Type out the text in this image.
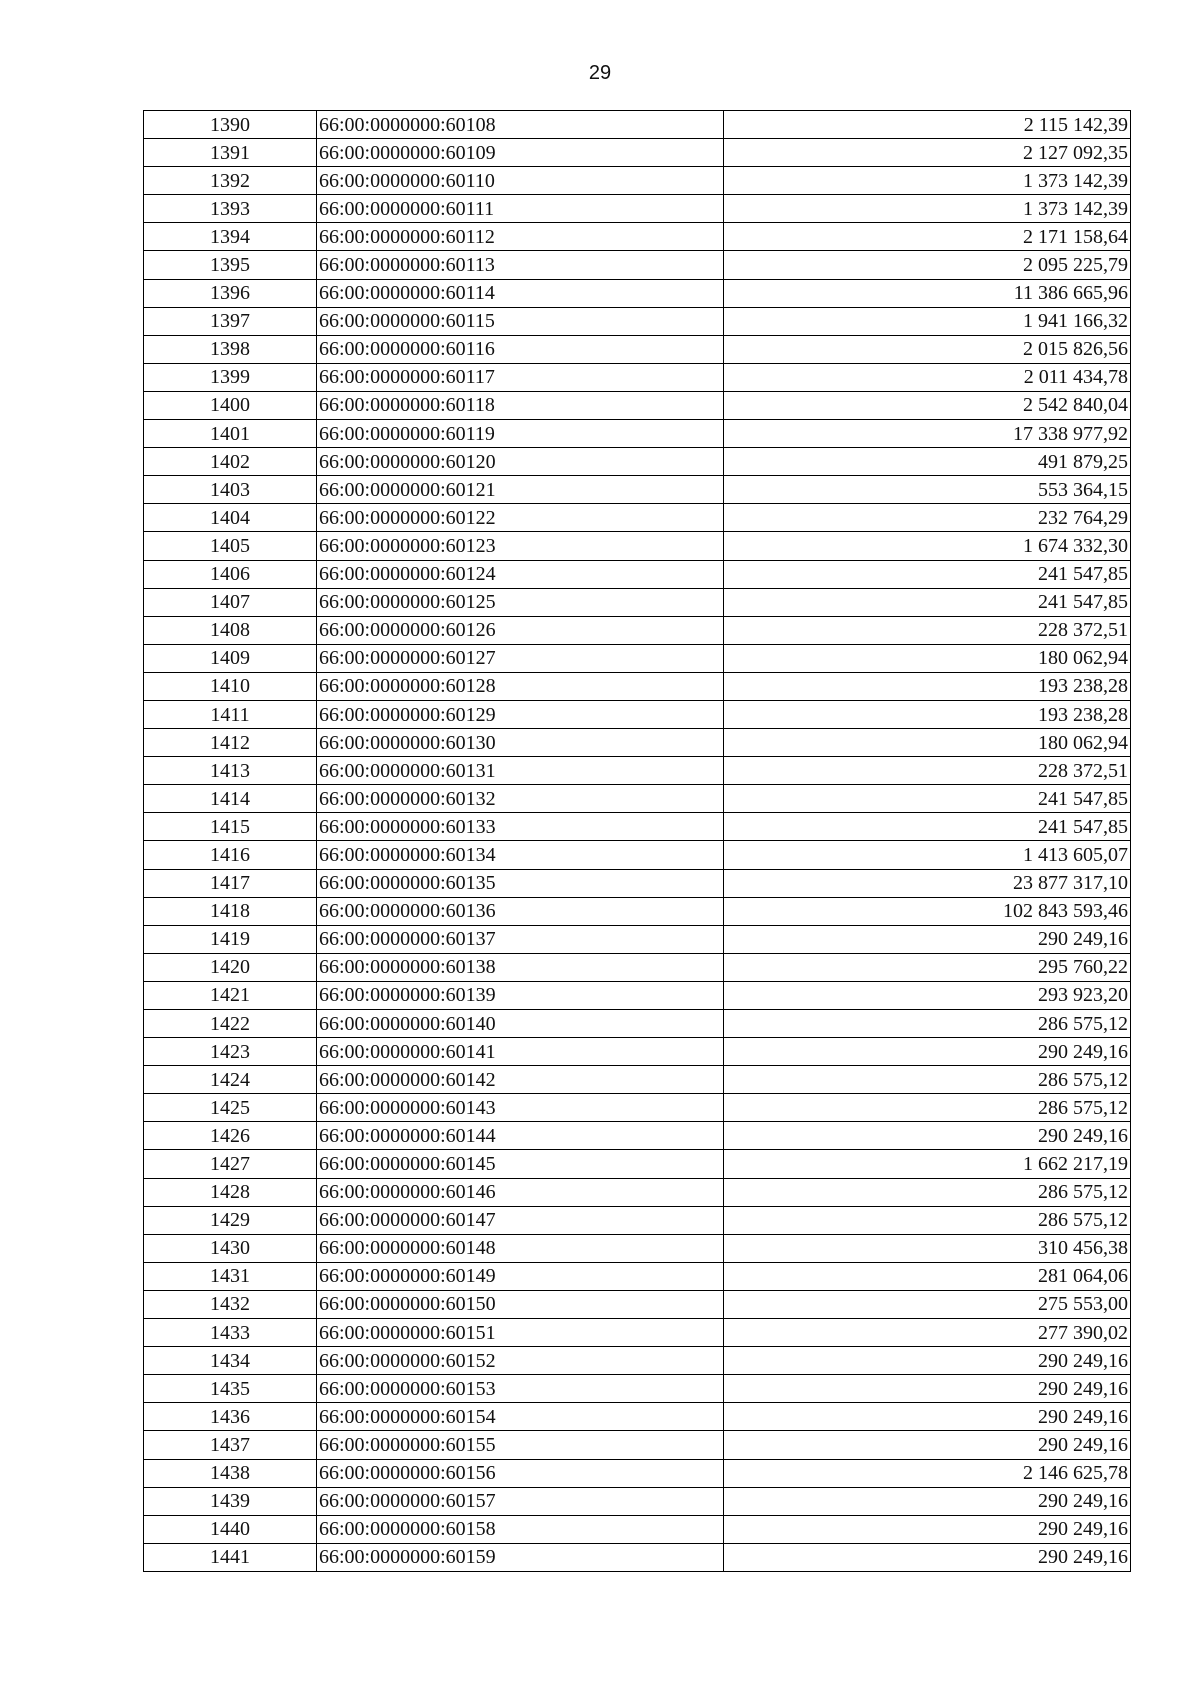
29
1390	66:00:0000000:60108	2 115 142,39
1391	66:00:0000000:60109	2 127 092,35
1392	66:00:0000000:60110	1 373 142,39
1393	66:00:0000000:60111	1 373 142,39
1394	66:00:0000000:60112	2 171 158,64
1395	66:00:0000000:60113	2 095 225,79
1396	66:00:0000000:60114	11 386 665,96
1397	66:00:0000000:60115	1 941 166,32
1398	66:00:0000000:60116	2 015 826,56
1399	66:00:0000000:60117	2 011 434,78
1400	66:00:0000000:60118	2 542 840,04
1401	66:00:0000000:60119	17 338 977,92
1402	66:00:0000000:60120	491 879,25
1403	66:00:0000000:60121	553 364,15
1404	66:00:0000000:60122	232 764,29
1405	66:00:0000000:60123	1 674 332,30
1406	66:00:0000000:60124	241 547,85
1407	66:00:0000000:60125	241 547,85
1408	66:00:0000000:60126	228 372,51
1409	66:00:0000000:60127	180 062,94
1410	66:00:0000000:60128	193 238,28
1411	66:00:0000000:60129	193 238,28
1412	66:00:0000000:60130	180 062,94
1413	66:00:0000000:60131	228 372,51
1414	66:00:0000000:60132	241 547,85
1415	66:00:0000000:60133	241 547,85
1416	66:00:0000000:60134	1 413 605,07
1417	66:00:0000000:60135	23 877 317,10
1418	66:00:0000000:60136	102 843 593,46
1419	66:00:0000000:60137	290 249,16
1420	66:00:0000000:60138	295 760,22
1421	66:00:0000000:60139	293 923,20
1422	66:00:0000000:60140	286 575,12
1423	66:00:0000000:60141	290 249,16
1424	66:00:0000000:60142	286 575,12
1425	66:00:0000000:60143	286 575,12
1426	66:00:0000000:60144	290 249,16
1427	66:00:0000000:60145	1 662 217,19
1428	66:00:0000000:60146	286 575,12
1429	66:00:0000000:60147	286 575,12
1430	66:00:0000000:60148	310 456,38
1431	66:00:0000000:60149	281 064,06
1432	66:00:0000000:60150	275 553,00
1433	66:00:0000000:60151	277 390,02
1434	66:00:0000000:60152	290 249,16
1435	66:00:0000000:60153	290 249,16
1436	66:00:0000000:60154	290 249,16
1437	66:00:0000000:60155	290 249,16
1438	66:00:0000000:60156	2 146 625,78
1439	66:00:0000000:60157	290 249,16
1440	66:00:0000000:60158	290 249,16
1441	66:00:0000000:60159	290 249,16
